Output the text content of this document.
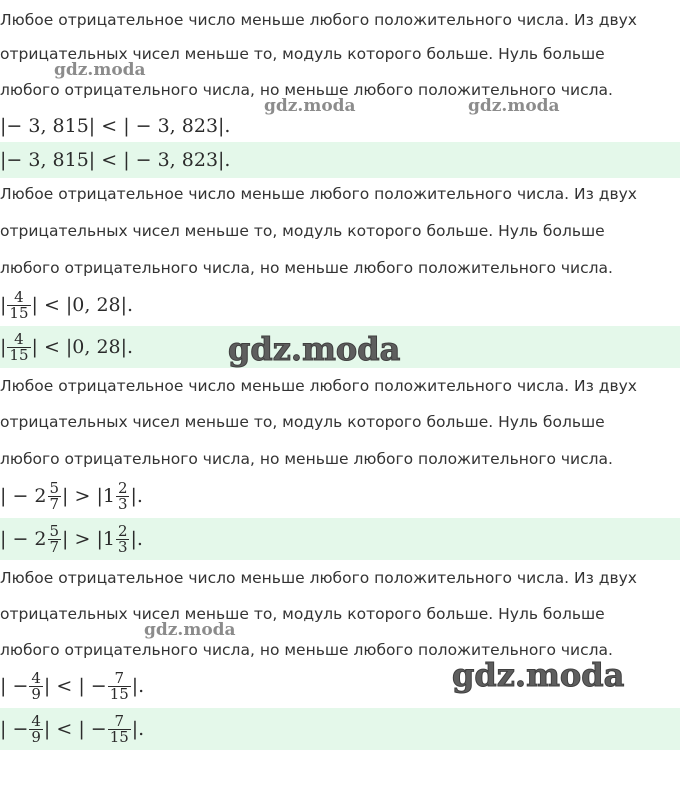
Любое отрицательное число меньше любого положительного числа. Из двух
отрицательных чисел меньше то, модуль которого больше. Нуль больше
любого отрицательного числа, но меньше любого положительного числа.
|− 3, 815| < | − 3, 823|.
|− 3, 815| < | − 3, 823|.
Любое отрицательное число меньше любого положительного числа. Из двух
отрицательных чисел меньше то, модуль которого больше. Нуль больше
любого отрицательного числа, но меньше любого положительного числа.
| $\frac{4}{15}$ | < |0, 28|.
| $\frac{4}{15}$ | < |0, 28|.
Любое отрицательное число меньше любого положительного числа. Из двух
отрицательных чисел меньше то, модуль которого больше. Нуль больше
любого отрицательного числа, но меньше любого положительного числа.
| − $2 \frac{5}{7}$ | > $|1 \frac{2}{3}$ |.
| − $2 \frac{5}{7}$ | > $|1 \frac{2}{3}$ |.
Любое отрицательное число меньше любого положительного числа. Из двух
отрицательных чисел меньше то, модуль которого больше. Нуль больше
любого отрицательного числа, но меньше любого положительного числа.
| − $\frac{4}{9}$ | < | − $\frac{7}{15}$ |.
| − $\frac{4}{9}$ | < | − $\frac{7}{15}$ |.
gdz.moda
gdz.moda	gdz.moda
gdz.moda
gdz.moda
gdz.moda
